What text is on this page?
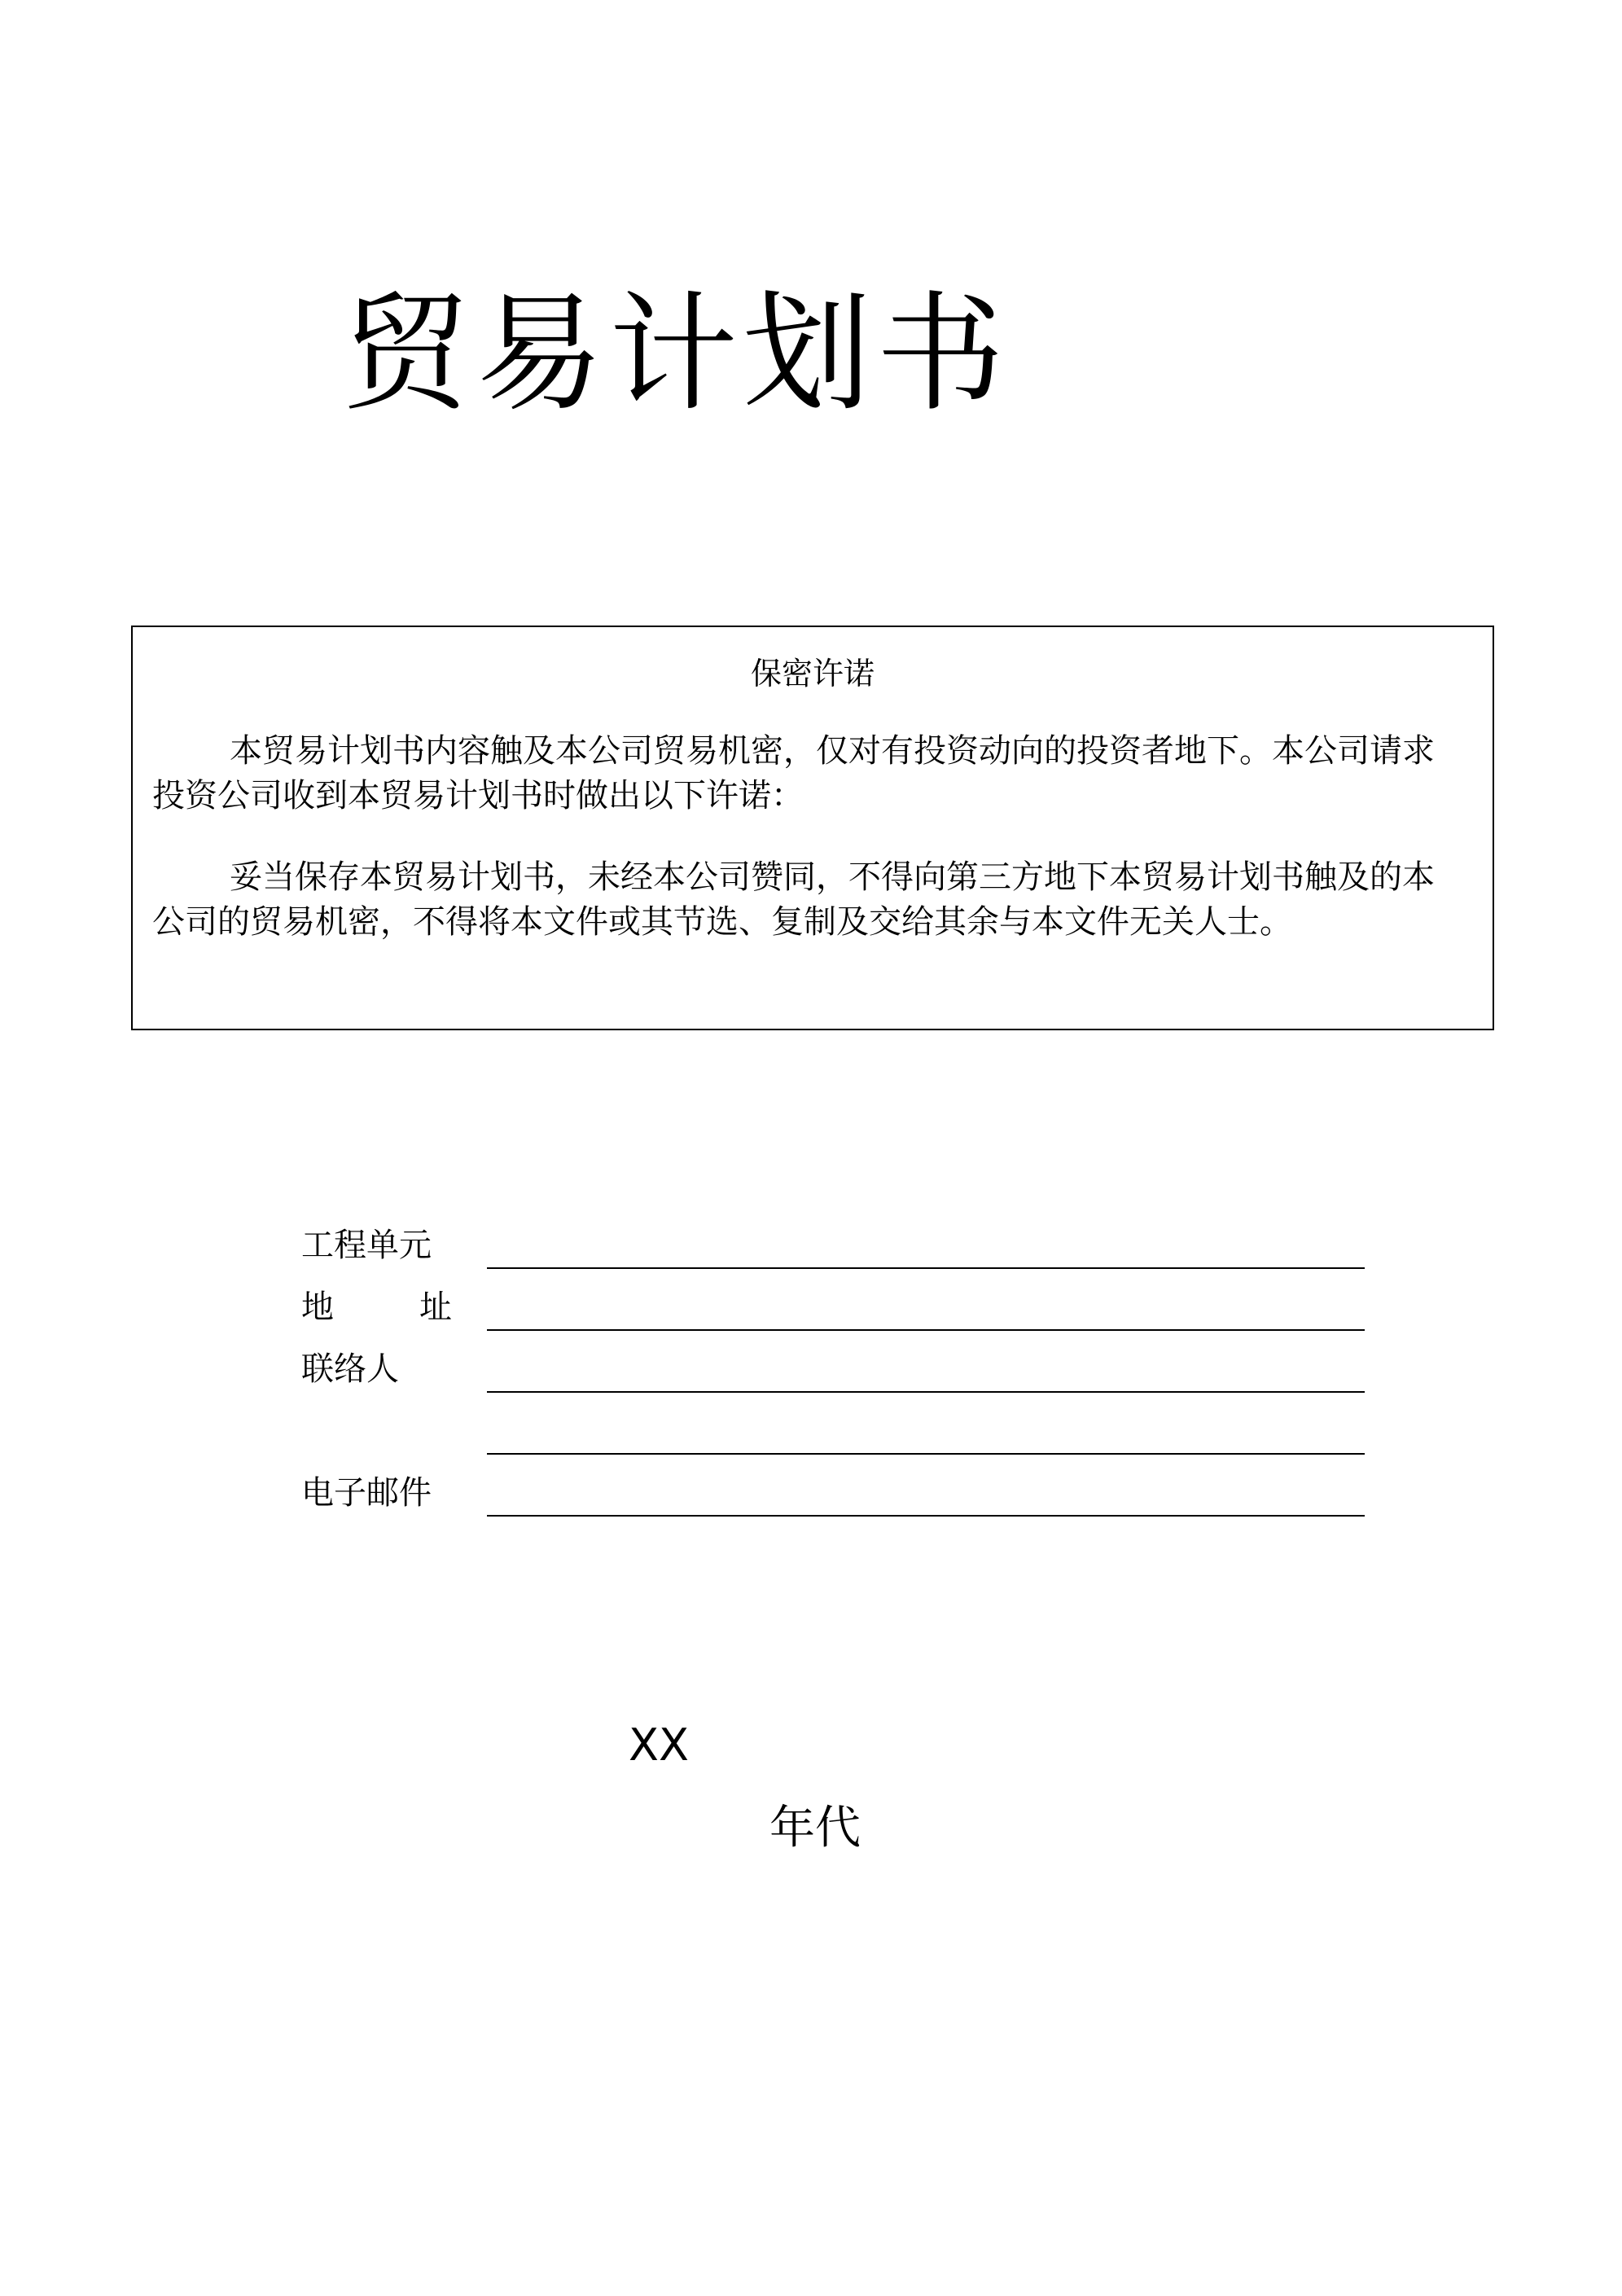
贸易计划书
保密许诺

本贸易计划书内容触及本公司贸易机密，仅对有投资动向的投资者地下。本公司请求投资公司收到本贸易计划书时做出以下许诺：

妥当保存本贸易计划书，未经本公司赞同，不得向第三方地下本贸易计划书触及的本公司的贸易机密，不得将本文件或其节选、复制及交给其余与本文件无关人士。

工程单元
地	址
联络人
电子邮件
XX
年代
